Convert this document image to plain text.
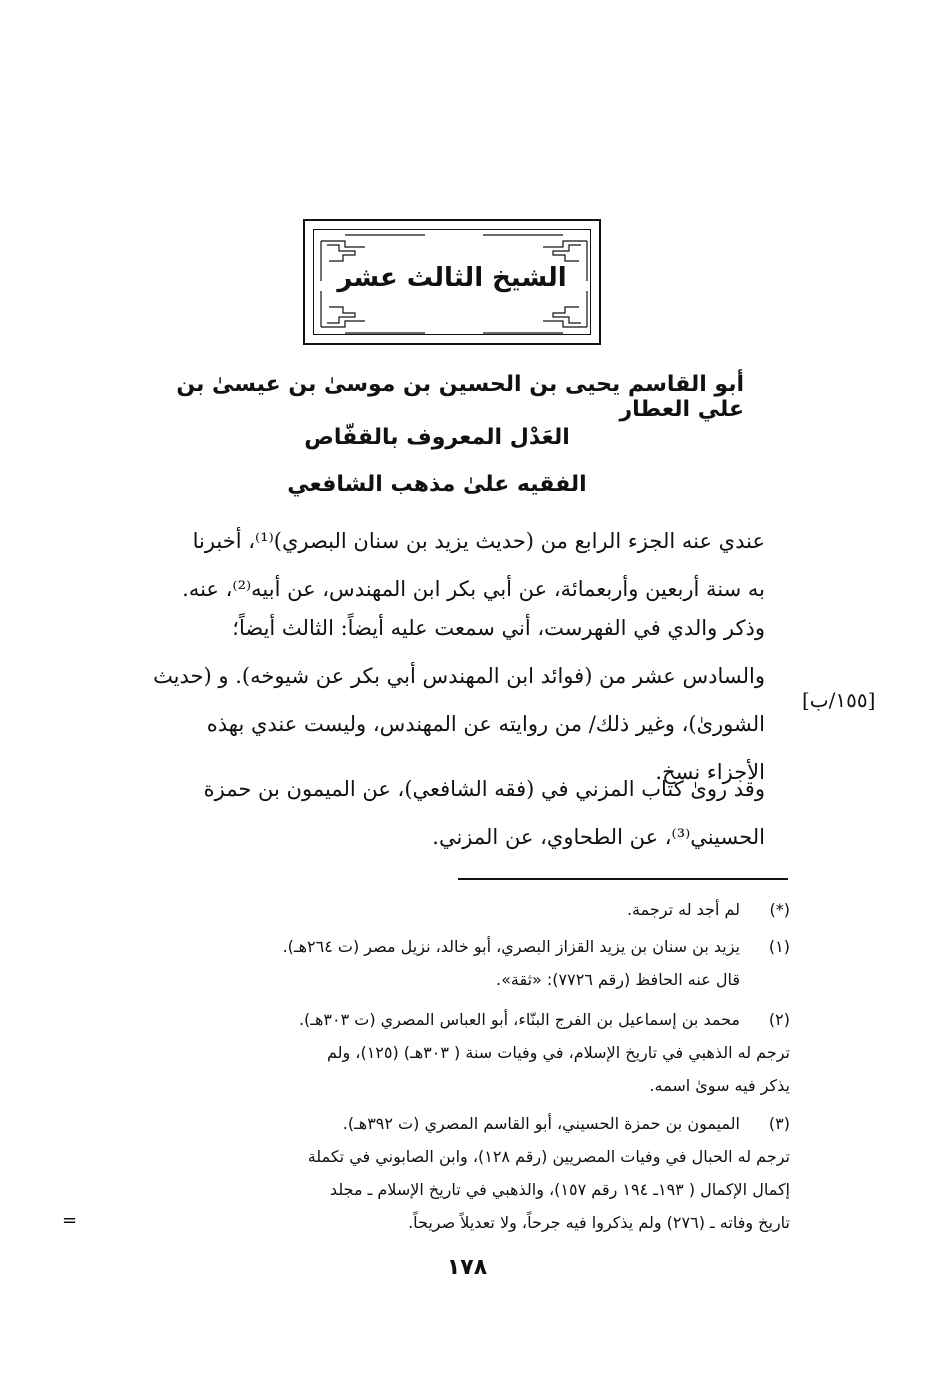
الشيخ الثالث عشر
أبو القاسم يحيى بن الحسين بن موسىٰ بن عيسىٰ بن علي العطار
العَدْل المعروف بالقفّاص
الفقيه علىٰ مذهب الشافعي
عندي عنه الجزء الرابع من (حديث يزيد بن سنان البصري)⁽¹⁾، أخبرنا
به سنة أربعين وأربعمائة، عن أبي بكر ابن المهندس، عن أبيه⁽²⁾، عنه.
وذكر والدي في الفهرست، أني سمعت عليه أيضاً: الثالث أيضاً؛
والسادس عشر من (فوائد ابن المهندس أبي بكر عن شيوخه). و (حديث
الشورىٰ)، وغير ذلك/ من روايته عن المهندس، وليست عندي بهذه
الأجزاء نسخ.
[١٥٥/ب]
وقد روىٰ كتاب المزني في (فقه الشافعي)، عن الميمون بن حمزة
الحسيني⁽³⁾، عن الطحاوي، عن المزني.
(*)
لم أجد له ترجمة.
(١)
يزيد بن سنان بن يزيد القزاز البصري، أبو خالد، نزيل مصر (ت ٢٦٤هـ).
قال عنه الحافظ (رقم ٧٧٢٦): «ثقة».
(٢)
محمد بن إسماعيل بن الفرج البنّاء، أبو العباس المصري (ت ٣٠٣هـ).
ترجم له الذهبي في تاريخ الإسلام، في وفيات سنة ( ٣٠٣هـ) (١٢٥)، ولم
يذكر فيه سوىٰ اسمه.
(٣)
الميمون بن حمزة الحسيني، أبو القاسم المصري (ت ٣٩٢هـ).
ترجم له الحبال في وفيات المصريين (رقم ١٢٨)، وابن الصابوني في تكملة
إكمال الإكمال ( ١٩٣ـ ١٩٤ رقم ١٥٧)، والذهبي في تاريخ الإسلام ـ مجلد
تاريخ وفاته ـ (٢٧٦) ولم يذكروا فيه جرحاً، ولا تعديلاً صريحاً.
=
١٧٨
